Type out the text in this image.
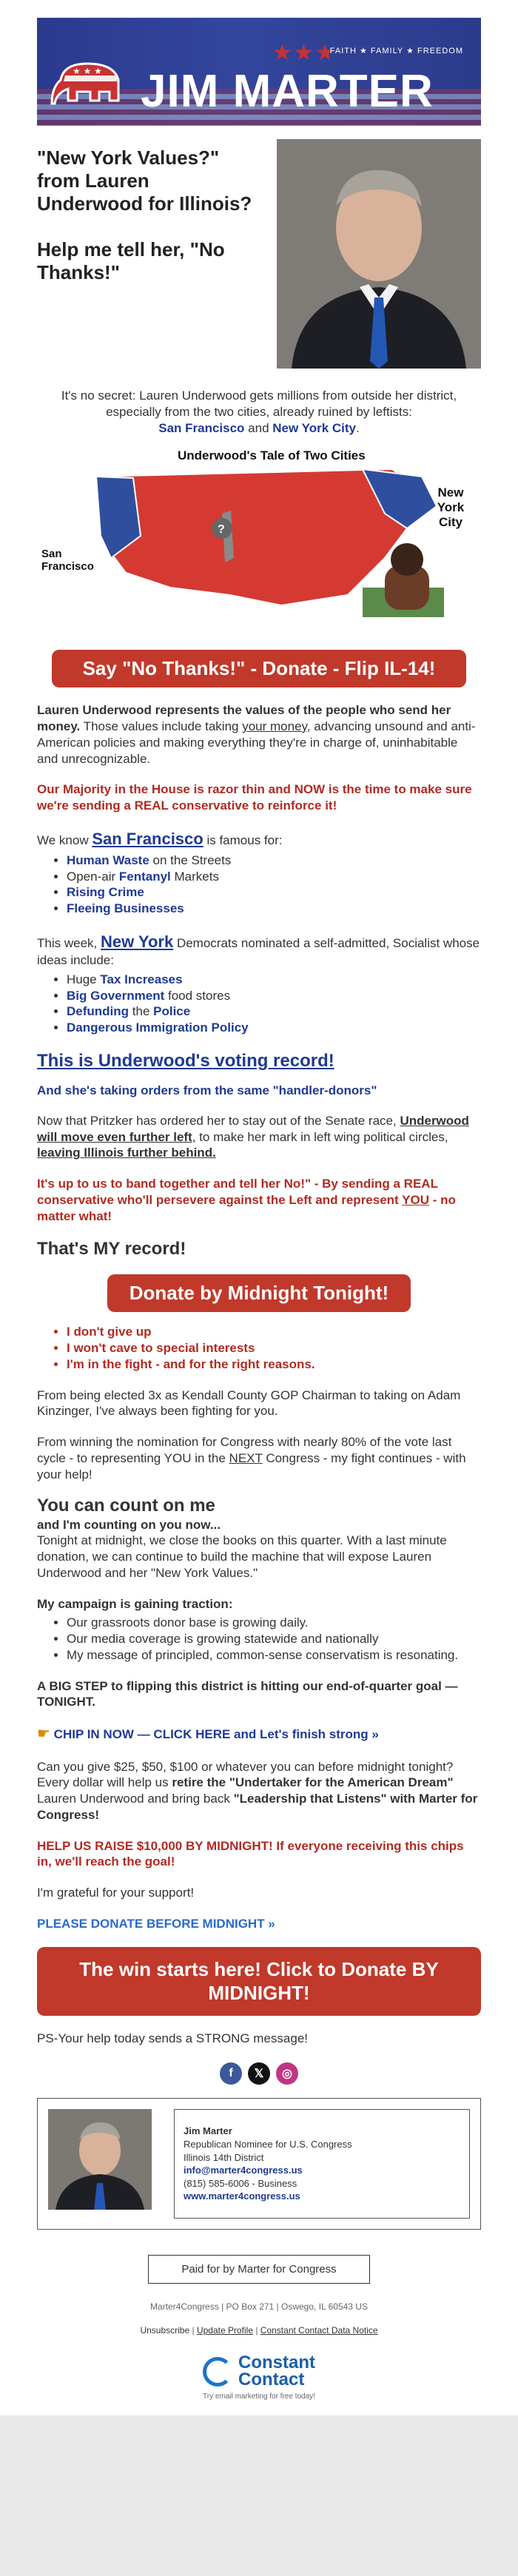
★ ★ ★
★★★
FAITH ★ FAMILY ★ FREEDOM
JIM MARTER
"New York Values?" from Lauren Underwood for Illinois?
Help me tell her, "No Thanks!"
It's no secret: Lauren Underwood gets millions from outside her district, especially from the two cities, already ruined by leftists:
San Francisco and New York City.
?
Underwood's Tale of Two Cities
San Francisco
New York City
Say "No Thanks!" - Donate - Flip IL-14!

Lauren Underwood represents the values of the people who send her money. Those values include taking your money, advancing unsound and anti-American policies and making everything they're in charge of, uninhabitable and unrecognizable.

Our Majority in the House is razor thin and NOW is the time to make sure we're sending a REAL conservative to reinforce it!

We know San Francisco is famous for:

• Human Waste on the Streets
• Open-air Fentanyl Markets
• Rising Crime
• Fleeing Businesses

This week, New York Democrats nominated a self-admitted, Socialist whose ideas include:

• Huge Tax Increases
• Big Government food stores
• Defunding the Police
• Dangerous Immigration Policy
This is Underwood's voting record!
And she's taking orders from the same "handler-donors"

Now that Pritzker has ordered her to stay out of the Senate race, Underwood will move even further left, to make her mark in left wing political circles, leaving Illinois further behind.

It's up to us to band together and tell her No!" - By sending a REAL conservative who'll persevere against the Left and represent YOU - no matter what!

That's MY record!
Donate by Midnight Tonight!
• I don't give up
• I won't cave to special interests
• I'm in the fight - and for the right reasons.

From being elected 3x as Kendall County GOP Chairman to taking on Adam Kinzinger, I've always been fighting for you.

From winning the nomination for Congress with nearly 80% of the vote last cycle - to representing YOU in the NEXT Congress - my fight continues - with your help!

You can count on me
and I'm counting on you now...
Tonight at midnight, we close the books on this quarter. With a last minute donation, we can continue to build the machine that will expose Lauren Underwood and her "New York Values."

My campaign is gaining traction:

• Our grassroots donor base is growing daily.
• Our media coverage is growing statewide and nationally
• My message of principled, common-sense conservatism is resonating.

A BIG STEP to flipping this district is hitting our end-of-quarter goal — TONIGHT.

☛ CHIP IN NOW — CLICK HERE and Let's finish strong »

Can you give $25, $50, $100 or whatever you can before midnight tonight? Every dollar will help us retire the "Undertaker for the American Dream" Lauren Underwood and bring back "Leadership that Listens" with Marter for Congress!

HELP US RAISE $10,000 BY MIDNIGHT! If everyone receiving this chips in, we'll reach the goal!

I'm grateful for your support!

PLEASE DONATE BEFORE MIDNIGHT »

The win starts here! Click to Donate BY MIDNIGHT!

PS-Your help today sends a STRONG message!

f	𝕏	◎
Jim Marter
Republican Nominee for U.S. Congress
Illinois 14th District
info@marter4congress.us
(815) 585-6006 - Business
www.marter4congress.us
Paid for by Marter for Congress
Marter4Congress | PO Box 271 | Oswego, IL 60543 US
Unsubscribe | Update Profile | Constant Contact Data Notice
Constant
Contact
Try email marketing for free today!
